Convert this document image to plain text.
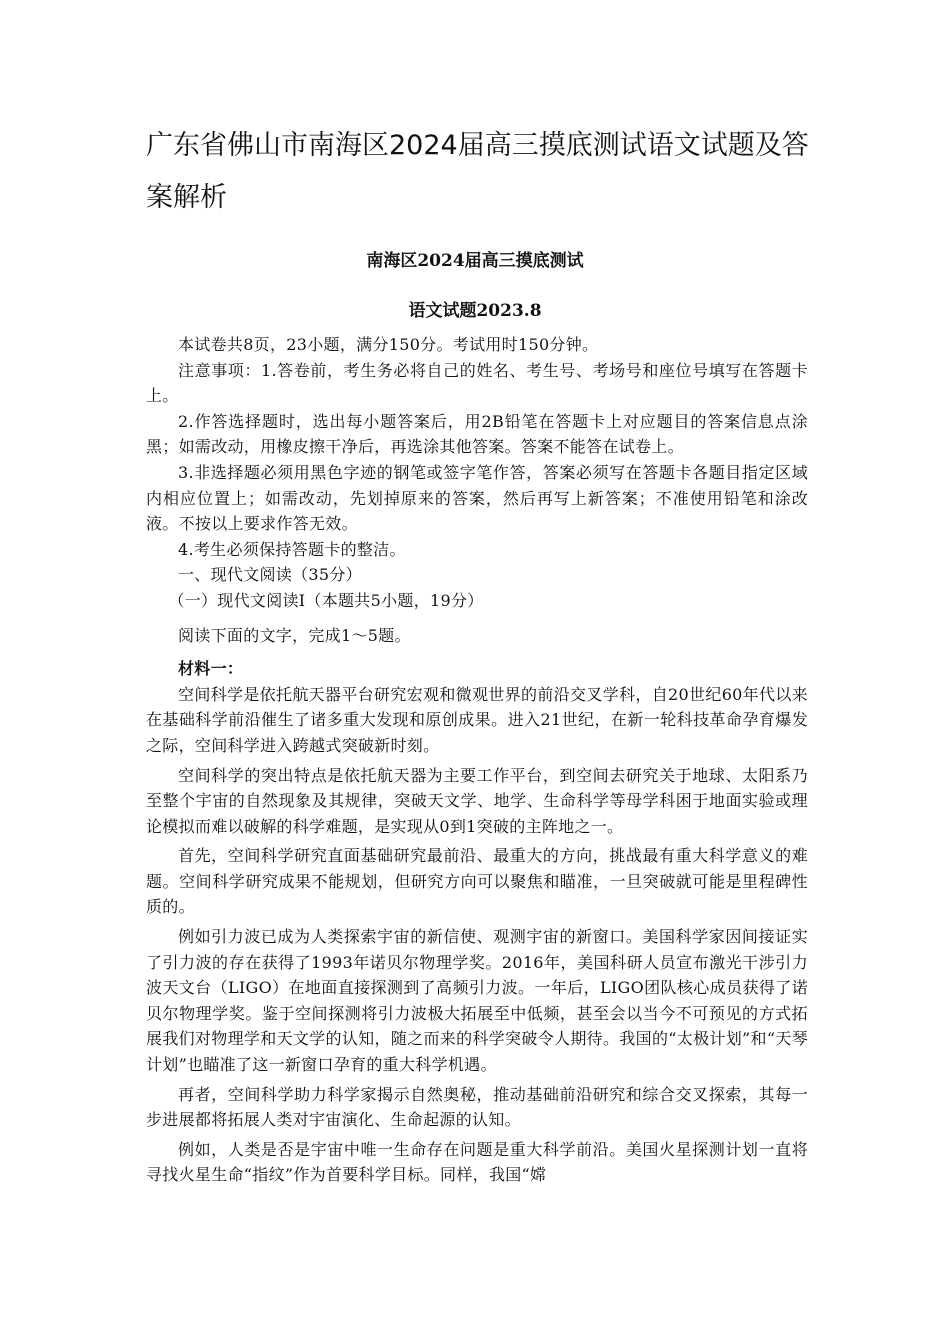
广东省佛山市南海区2024届高三摸底测试语文试题及答案解析
南海区2024届高三摸底测试
语文试题2023.8

本试卷共8页，23小题，满分150分。考试用时150分钟。

注意事项：1.答卷前，考生务必将自己的姓名、考生号、考场号和座位号填写在答题卡上。

2.作答选择题时，选出每小题答案后，用2B铅笔在答题卡上对应题目的答案信息点涂黑；如需改动，用橡皮擦干净后，再选涂其他答案。答案不能答在试卷上。

3.非选择题必须用黑色字迹的钢笔或签字笔作答，答案必须写在答题卡各题目指定区域内相应位置上；如需改动，先划掉原来的答案，然后再写上新答案；不准使用铅笔和涂改液。不按以上要求作答无效。

4.考生必须保持答题卡的整洁。

一、现代文阅读（35分）

（一）现代文阅读Ⅰ（本题共5小题，19分）

阅读下面的文字，完成1～5题。

材料一：

空间科学是依托航天器平台研究宏观和微观世界的前沿交叉学科，自20世纪60年代以来在基础科学前沿催生了诸多重大发现和原创成果。进入21世纪，在新一轮科技革命孕育爆发之际，空间科学进入跨越式突破新时刻。

空间科学的突出特点是依托航天器为主要工作平台，到空间去研究关于地球、太阳系乃至整个宇宙的自然现象及其规律，突破天文学、地学、生命科学等母学科困于地面实验或理论模拟而难以破解的科学难题，是实现从0到1突破的主阵地之一。

首先，空间科学研究直面基础研究最前沿、最重大的方向，挑战最有重大科学意义的难题。空间科学研究成果不能规划，但研究方向可以聚焦和瞄准，一旦突破就可能是里程碑性质的。

例如引力波已成为人类探索宇宙的新信使、观测宇宙的新窗口。美国科学家因间接证实了引力波的存在获得了1993年诺贝尔物理学奖。2016年，美国科研人员宣布激光干涉引力波天文台（LIGO）在地面直接探测到了高频引力波。一年后，LIGO团队核心成员获得了诺贝尔物理学奖。鉴于空间探测将引力波极大拓展至中低频，甚至会以当今不可预见的方式拓展我们对物理学和天文学的认知，随之而来的科学突破令人期待。我国的“太极计划”和“天琴计划”也瞄准了这一新窗口孕育的重大科学机遇。

再者，空间科学助力科学家揭示自然奥秘，推动基础前沿研究和综合交叉探索，其每一步进展都将拓展人类对宇宙演化、生命起源的认知。

例如，人类是否是宇宙中唯一生命存在问题是重大科学前沿。美国火星探测计划一直将寻找火星生命“指纹”作为首要科学目标。同样，我国“嫦
